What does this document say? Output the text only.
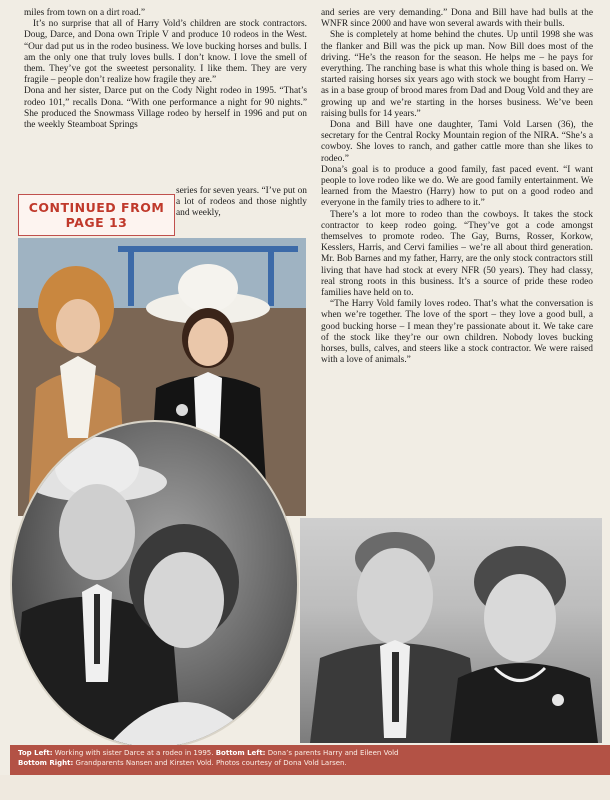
miles from town on a dirt road.”

It’s no surprise that all of Harry Vold’s children are stock contractors. Doug, Darce, and Dona own Triple V and produce 10 rodeos in the West. “Our dad put us in the rodeo business. We love bucking horses and bulls. I am the only one that truly loves bulls. I don’t know. I love the smell of them. They’ve got the sweetest personality. I like them. They are very fragile – people don’t realize how fragile they are.”

Dona and her sister, Darce put on the Cody Night rodeo in 1995. “That’s rodeo 101,” recalls Dona. “With one performance a night for 90 nights.” She produced the Snowmass Village rodeo by herself in 1996 and put on the weekly Steamboat Springs

CONTINUED FROM
PAGE 13

series for seven years. “I’ve put on a lot of rodeos and those nightly and weekly,

and series are very demanding.” Dona and Bill have had bulls at the WNFR since 2000 and have won several awards with their bulls.

She is completely at home behind the chutes. Up until 1998 she was the flanker and Bill was the pick up man. Now Bill does most of the driving. “He’s the reason for the season. He helps me – he pays for everything. The ranching base is what this whole thing is based on. We started raising horses six years ago with stock we bought from Harry – as in a base group of brood mares from Dad and Doug Vold and they are growing up and we’re starting in the horses business. We’ve been raising bulls for 14 years.”

Dona and Bill have one daughter, Tami Vold Larsen (36), the secretary for the Central Rocky Mountain region of the NIRA. “She’s a cowboy. She loves to ranch, and gather cattle more than she likes to rodeo.”

Dona’s goal is to produce a good family, fast paced event. “I want people to love rodeo like we do. We are good family entertainment. We learned from the Maestro (Harry) how to put on a good rodeo and everyone in the family tries to adhere to it.”

There’s a lot more to rodeo than the cowboys. It takes the stock contractor to keep rodeo going. “They’ve got a code amongst themselves to promote rodeo. The Gay, Burns, Rosser, Korkow, Kesslers, Harris, and Cervi families – we’re all about third generation. Mr. Bob Barnes and my father, Harry, are the only stock contractors still living that have had stock at every NFR (50 years). They had classy, real strong roots in this business. It’s a source of pride these rodeo families have held on to.

“The Harry Vold family loves rodeo. That’s what the conversation is when we’re together. The love of the sport – they love a good bull, a good bucking horse – I mean they’re passionate about it. We take care of the stock like they’re our own children. Nobody loves bucking horses, bulls, calves, and steers like a stock contractor. We were raised with a love of animals.”

Top Left: Working with sister Darce at a rodeo in 1995. Bottom Left: Dona’s parents Harry and Eileen Vold
Bottom Right: Grandparents Nansen and Kirsten Vold. Photos courtesy of Dona Vold Larsen.
